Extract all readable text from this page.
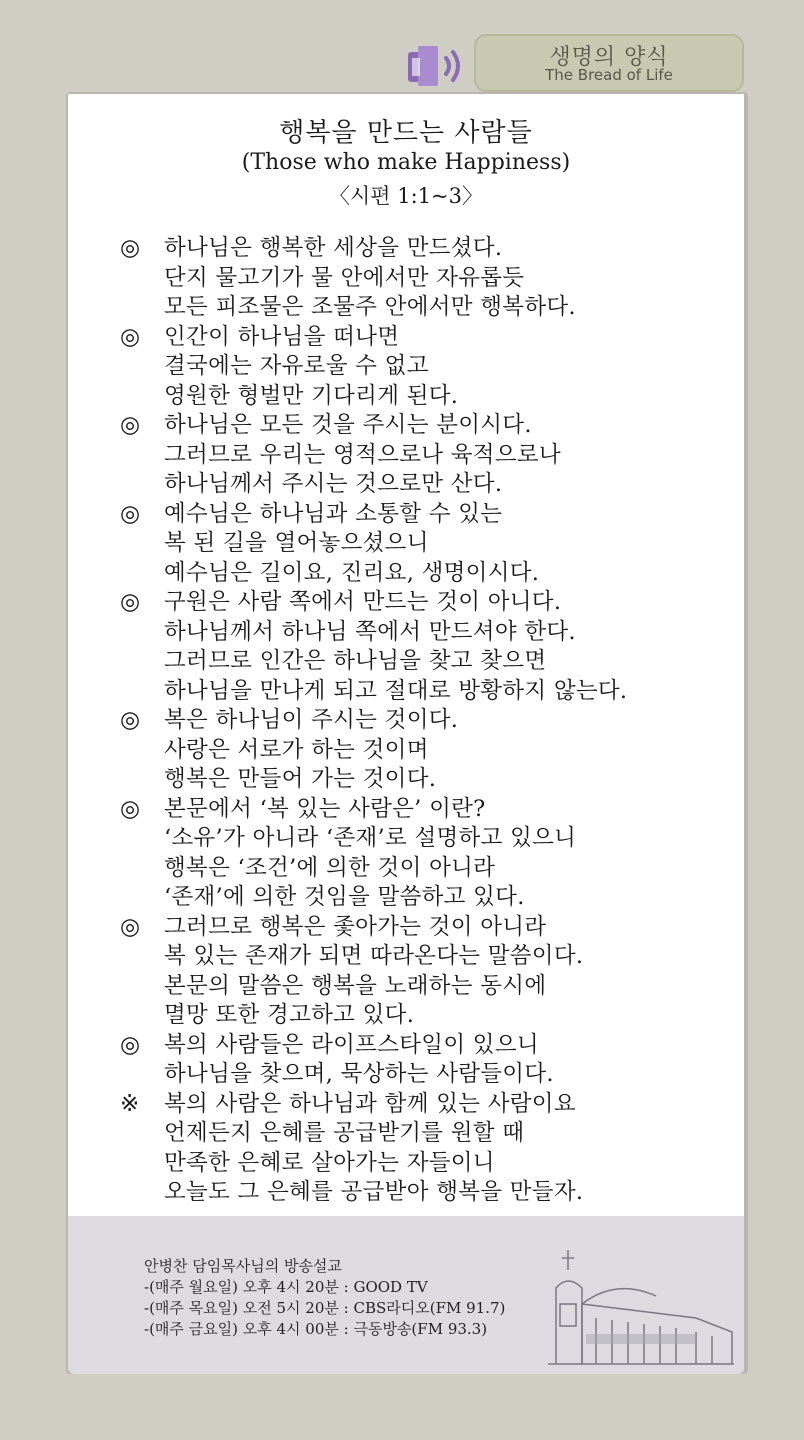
생명의 양식
The Bread of Life
행복을 만드는 사람들
(Those who make Happiness)
〈시편 1:1~3〉
◎ 하나님은 행복한 세상을 만드셨다.
단지 물고기가 물 안에서만 자유롭듯
모든 피조물은 조물주 안에서만 행복하다.
◎ 인간이 하나님을 떠나면
결국에는 자유로울 수 없고
영원한 형벌만 기다리게 된다.
◎ 하나님은 모든 것을 주시는 분이시다.
그러므로 우리는 영적으로나 육적으로나
하나님께서 주시는 것으로만 산다.
◎ 예수님은 하나님과 소통할 수 있는
복 된 길을 열어놓으셨으니
예수님은 길이요, 진리요, 생명이시다.
◎ 구원은 사람 쪽에서 만드는 것이 아니다.
하나님께서 하나님 쪽에서 만드셔야 한다.
그러므로 인간은 하나님을 찾고 찾으면
하나님을 만나게 되고 절대로 방황하지 않는다.
◎ 복은 하나님이 주시는 것이다.
사랑은 서로가 하는 것이며
행복은 만들어 가는 것이다.
◎ 본문에서 ‘복 있는 사람은’ 이란?
‘소유’가 아니라 ‘존재’로 설명하고 있으니
행복은 ‘조건’에 의한 것이 아니라
‘존재’에 의한 것임을 말씀하고 있다.
◎ 그러므로 행복은 좇아가는 것이 아니라
복 있는 존재가 되면 따라온다는 말씀이다.
본문의 말씀은 행복을 노래하는 동시에
멸망 또한 경고하고 있다.
◎ 복의 사람들은 라이프스타일이 있으니
하나님을 찾으며, 묵상하는 사람들이다.
※ 복의 사람은 하나님과 함께 있는 사람이요
언제든지 은혜를 공급받기를 원할 때
만족한 은혜로 살아가는 자들이니
오늘도 그 은혜를 공급받아 행복을 만들자.
안병찬 담임목사님의 방송설교
-(매주 월요일) 오후 4시 20분 : GOOD TV
-(매주 목요일) 오전 5시 20분 : CBS라디오(FM 91.7)
-(매주 금요일) 오후 4시 00분 : 극동방송(FM 93.3)
